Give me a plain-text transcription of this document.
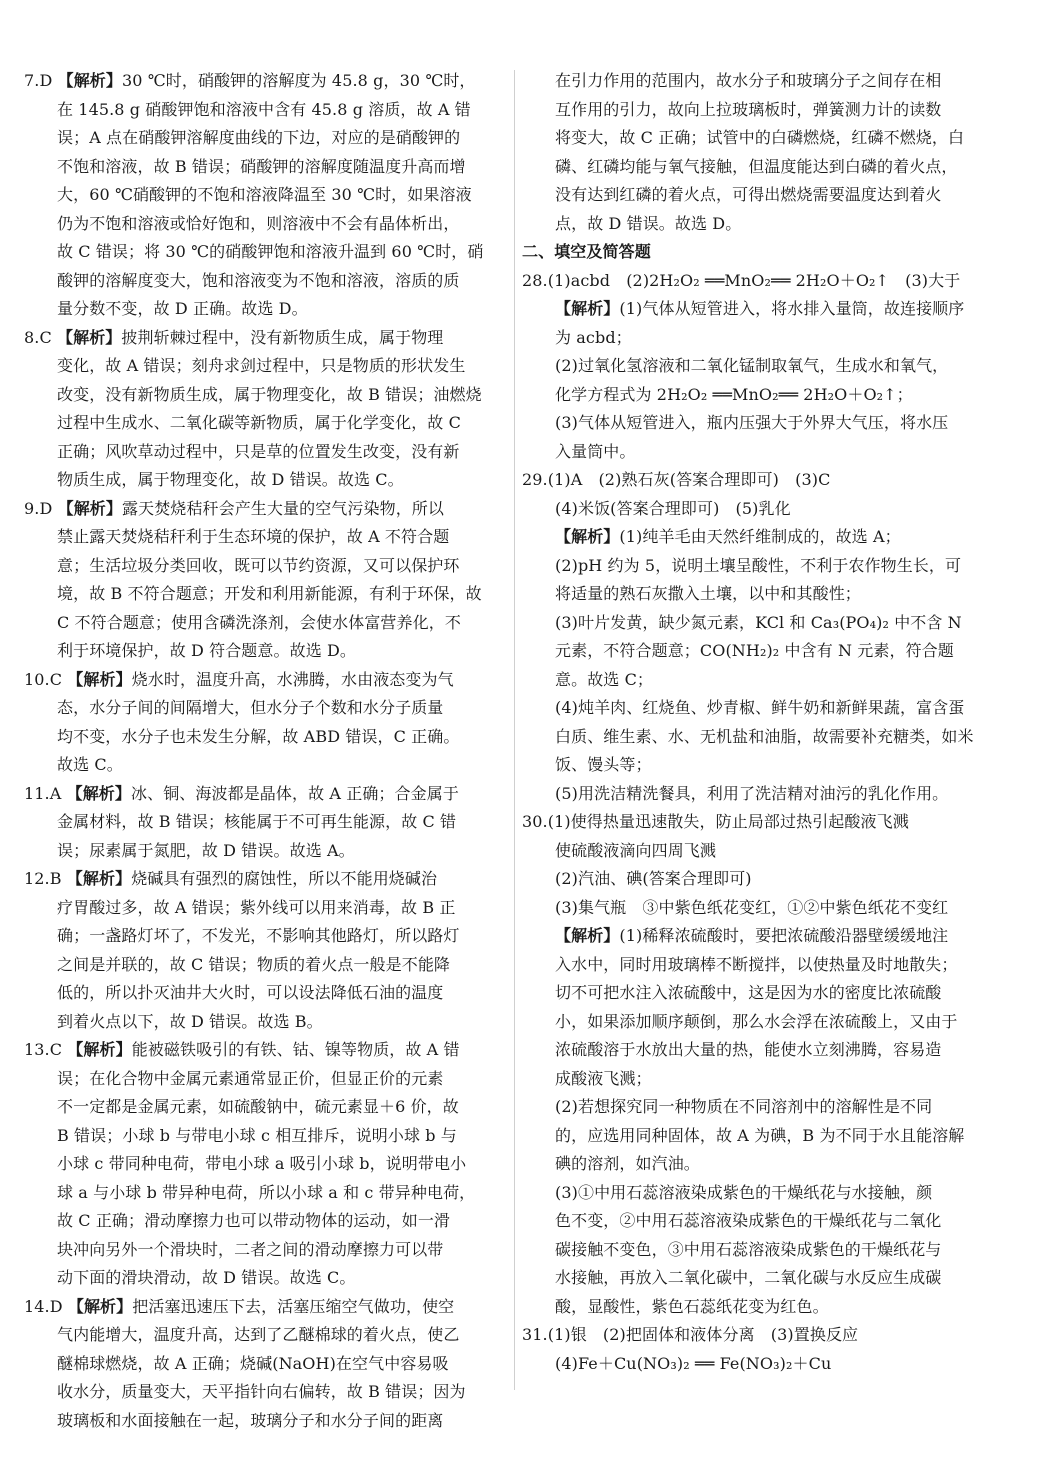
7.D 【解析】30 ℃时，硝酸钾的溶解度为 45.8 g，30 ℃时，
在 145.8 g 硝酸钾饱和溶液中含有 45.8 g 溶质，故 A 错
误；A 点在硝酸钾溶解度曲线的下边，对应的是硝酸钾的
不饱和溶液，故 B 错误；硝酸钾的溶解度随温度升高而增
大，60 ℃硝酸钾的不饱和溶液降温至 30 ℃时，如果溶液
仍为不饱和溶液或恰好饱和，则溶液中不会有晶体析出，
故 C 错误；将 30 ℃的硝酸钾饱和溶液升温到 60 ℃时，硝
酸钾的溶解度变大，饱和溶液变为不饱和溶液，溶质的质
量分数不变，故 D 正确。故选 D。
8.C 【解析】披荆斩棘过程中，没有新物质生成，属于物理
变化，故 A 错误；刻舟求剑过程中，只是物质的形状发生
改变，没有新物质生成，属于物理变化，故 B 错误；油燃烧
过程中生成水、二氧化碳等新物质，属于化学变化，故 C
正确；风吹草动过程中，只是草的位置发生改变，没有新
物质生成，属于物理变化，故 D 错误。故选 C。
9.D 【解析】露天焚烧秸秆会产生大量的空气污染物，所以
禁止露天焚烧秸秆利于生态环境的保护，故 A 不符合题
意；生活垃圾分类回收，既可以节约资源，又可以保护环
境，故 B 不符合题意；开发和利用新能源，有利于环保，故
C 不符合题意；使用含磷洗涤剂，会使水体富营养化，不
利于环境保护，故 D 符合题意。故选 D。
10.C 【解析】烧水时，温度升高，水沸腾，水由液态变为气
态，水分子间的间隔增大，但水分子个数和水分子质量
均不变，水分子也未发生分解，故 ABD 错误，C 正确。
故选 C。
11.A 【解析】冰、铜、海波都是晶体，故 A 正确；合金属于
金属材料，故 B 错误；核能属于不可再生能源，故 C 错
误；尿素属于氮肥，故 D 错误。故选 A。
12.B 【解析】烧碱具有强烈的腐蚀性，所以不能用烧碱治
疗胃酸过多，故 A 错误；紫外线可以用来消毒，故 B 正
确；一盏路灯坏了，不发光，不影响其他路灯，所以路灯
之间是并联的，故 C 错误；物质的着火点一般是不能降
低的，所以扑灭油井大火时，可以设法降低石油的温度
到着火点以下，故 D 错误。故选 B。
13.C 【解析】能被磁铁吸引的有铁、钴、镍等物质，故 A 错
误；在化合物中金属元素通常显正价，但显正价的元素
不一定都是金属元素，如硫酸钠中，硫元素显＋6 价，故
B 错误；小球 b 与带电小球 c 相互排斥，说明小球 b 与
小球 c 带同种电荷，带电小球 a 吸引小球 b，说明带电小
球 a 与小球 b 带异种电荷，所以小球 a 和 c 带异种电荷，
故 C 正确；滑动摩擦力也可以带动物体的运动，如一滑
块冲向另外一个滑块时，二者之间的滑动摩擦力可以带
动下面的滑块滑动，故 D 错误。故选 C。
14.D 【解析】把活塞迅速压下去，活塞压缩空气做功，使空
气内能增大，温度升高，达到了乙醚棉球的着火点，使乙
醚棉球燃烧，故 A 正确；烧碱(NaOH)在空气中容易吸
收水分，质量变大，天平指针向右偏转，故 B 错误；因为
玻璃板和水面接触在一起，玻璃分子和水分子间的距离
在引力作用的范围内，故水分子和玻璃分子之间存在相
互作用的引力，故向上拉玻璃板时，弹簧测力计的读数
将变大，故 C 正确；试管中的白磷燃烧，红磷不燃烧，白
磷、红磷均能与氧气接触，但温度能达到白磷的着火点，
没有达到红磷的着火点，可得出燃烧需要温度达到着火
点，故 D 错误。故选 D。
二、填空及简答题
28.(1)acbd　(2)2H₂O₂ ══MnO₂══ 2H₂O＋O₂↑　(3)大于
【解析】(1)气体从短管进入，将水排入量筒，故连接顺序
为 acbd；
(2)过氧化氢溶液和二氧化锰制取氧气，生成水和氧气，
化学方程式为 2H₂O₂ ══MnO₂══ 2H₂O＋O₂↑；
(3)气体从短管进入，瓶内压强大于外界大气压，将水压
入量筒中。
29.(1)A　(2)熟石灰(答案合理即可)　(3)C
(4)米饭(答案合理即可)　(5)乳化
【解析】(1)纯羊毛由天然纤维制成的，故选 A；
(2)pH 约为 5，说明土壤呈酸性，不利于农作物生长，可
将适量的熟石灰撒入土壤，以中和其酸性；
(3)叶片发黄，缺少氮元素，KCl 和 Ca₃(PO₄)₂ 中不含 N
元素，不符合题意；CO(NH₂)₂ 中含有 N 元素，符合题
意。故选 C；
(4)炖羊肉、红烧鱼、炒青椒、鲜牛奶和新鲜果蔬，富含蛋
白质、维生素、水、无机盐和油脂，故需要补充糖类，如米
饭、馒头等；
(5)用洗洁精洗餐具，利用了洗洁精对油污的乳化作用。
30.(1)使得热量迅速散失，防止局部过热引起酸液飞溅
使硫酸液滴向四周飞溅
(2)汽油、碘(答案合理即可)
(3)集气瓶　③中紫色纸花变红，①②中紫色纸花不变红
【解析】(1)稀释浓硫酸时，要把浓硫酸沿器壁缓缓地注
入水中，同时用玻璃棒不断搅拌，以使热量及时地散失；
切不可把水注入浓硫酸中，这是因为水的密度比浓硫酸
小，如果添加顺序颠倒，那么水会浮在浓硫酸上，又由于
浓硫酸溶于水放出大量的热，能使水立刻沸腾，容易造
成酸液飞溅；
(2)若想探究同一种物质在不同溶剂中的溶解性是不同
的，应选用同种固体，故 A 为碘，B 为不同于水且能溶解
碘的溶剂，如汽油。
(3)①中用石蕊溶液染成紫色的干燥纸花与水接触，颜
色不变，②中用石蕊溶液染成紫色的干燥纸花与二氧化
碳接触不变色，③中用石蕊溶液染成紫色的干燥纸花与
水接触，再放入二氧化碳中，二氧化碳与水反应生成碳
酸，显酸性，紫色石蕊纸花变为红色。
31.(1)银　(2)把固体和液体分离　(3)置换反应
(4)Fe＋Cu(NO₃)₂ ══ Fe(NO₃)₂＋Cu
